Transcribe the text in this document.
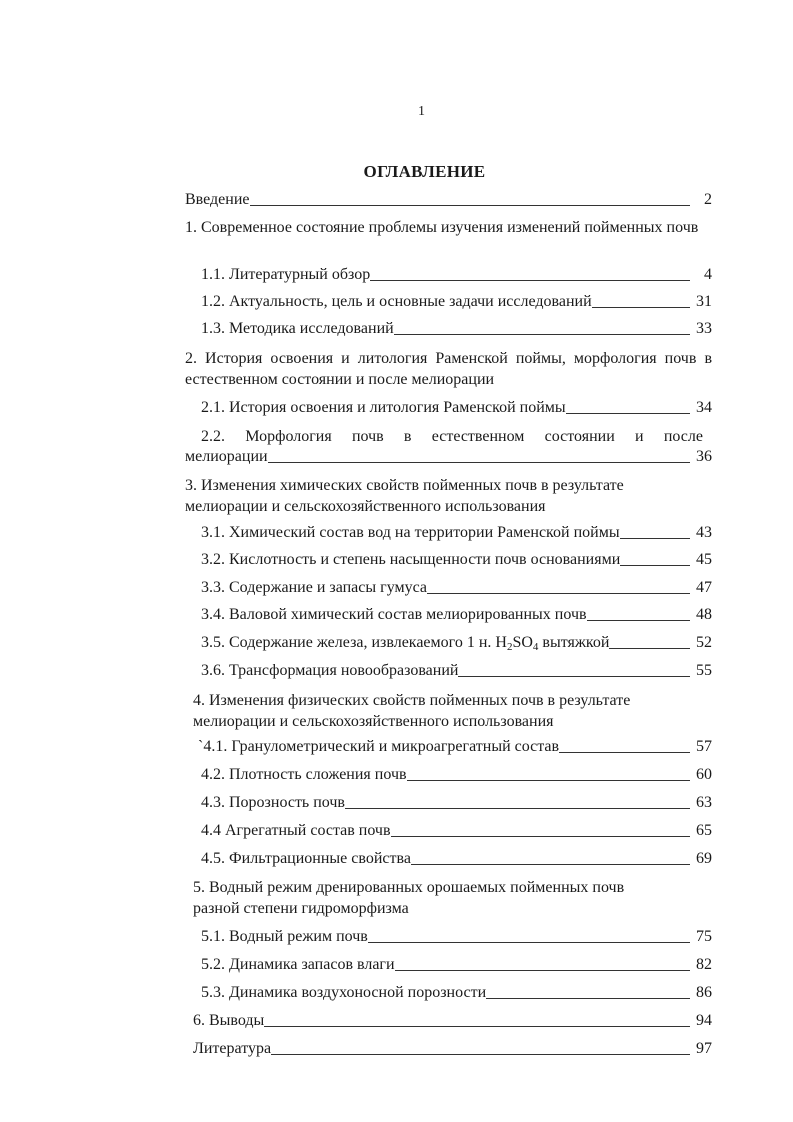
1
ОГЛАВЛЕНИЕ
Введение	2
1. Современное состояние проблемы изучения изменений пойменных почв
1.1. Литературный обзор	4
1.2. Актуальность, цель и основные задачи исследований	31
1.3. Методика исследований	33
2. История освоения и литология Раменской поймы, морфология почв в естественном состоянии и после мелиорации
2.1. История освоения и литология Раменской поймы	34
2.2. Морфология почв в естественном состоянии и после
мелиорации	36
3. Изменения химических свойств пойменных почв в результате мелиорации и сельскохозяйственного использования
3.1. Химический состав вод на территории Раменской поймы	43
3.2. Кислотность и степень насыщенности почв основаниями	45
3.3. Содержание и запасы гумуса	47
3.4. Валовой химический состав мелиорированных почв	48
3.5. Содержание железа, извлекаемого 1 н. $H_2SO_4$ вытяжкой	52
3.6. Трансформация новообразований	55
4. Изменения физических свойств пойменных почв в результате мелиорации и сельскохозяйственного использования
`4.1. Гранулометрический и микроагрегатный состав	57
4.2. Плотность сложения почв	60
4.3. Порозность почв	63
4.4 Агрегатный состав почв	65
4.5. Фильтрационные свойства	69
5. Водный режим дренированных орошаемых пойменных почв разной степени гидроморфизма
5.1. Водный режим почв	75
5.2. Динамика запасов влаги	82
5.3. Динамика воздухоносной порозности	86
6. Выводы	94
Литература	97
